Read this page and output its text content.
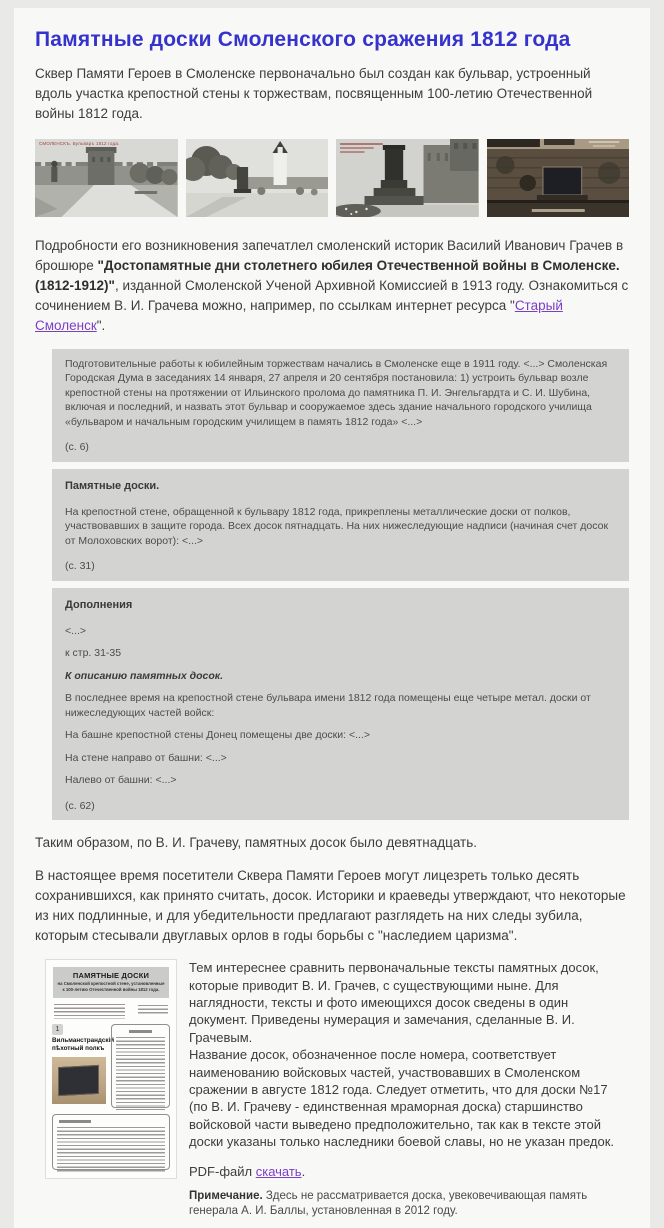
Памятные доски Смоленского сражения 1812 года

Сквер Памяти Героев в Смоленске первоначально был создан как бульвар, устроенный вдоль участка крепостной стены к торжествам, посвященным 100-летию Отечественной войны 1812 года.

СМОЛЕНСКЪ. Бульваръ 1812 года.

Подробности его возникновения запечатлел смоленский историк Василий Иванович Грачев в брошюре "Достопамятные дни столетнего юбилея Отечественной войны в Смоленске. (1812-1912)", изданной Смоленской Ученой Архивной Комиссией в 1913 году. Ознакомиться с сочинением В. И. Грачева можно, например, по ссылкам интернет ресурса "Старый Смоленск".

Подготовительные работы к юбилейным торжествам начались в Смоленске еще в 1911 году. <...> Смоленская Городская Дума в заседаниях 14 января, 27 апреля и 20 сентября постановила: 1) устроить бульвар возле крепостной стены на протяжении от Ильинского пролома до памятника П. И. Энгельгардта и С. И. Шубина, включая и последний, и назвать этот бульвар и сооружаемое здесь здание начального городского училища «бульваром и начальным городским училищем в память 1812 года» <...>

(с. 6)

Памятные доски.

На крепостной стене, обращенной к бульвару 1812 года, прикреплены металлические доски от полков, участвовавших в защите города. Всех досок пятнадцать. На них нижеследующие надписи (начиная счет досок от Молоховских ворот): <...>

(с. 31)

Дополнения

<...>

к стр. 31-35

К описанию памятных досок.

В последнее время на крепостной стене бульвара имени 1812 года помещены еще четыре метал. доски от нижеследующих частей войск:

На башне крепостной стены Донец помещены две доски: <...>

На стене направо от башни: <...>

Налево от башни: <...>

(с. 62)

Таким образом, по В. И. Грачеву, памятных досок было девятнадцать.

В настоящее время посетители Сквера Памяти Героев могут лицезреть только десять сохранившихся, как принято считать, досок. Историки и краеведы утверждают, что некоторые из них подлинные, и для убедительности предлагают разглядеть на них следы зубила, которым стесывали двуглавых орлов в годы борьбы с "наследием царизма".

ПАМЯТНЫЕ ДОСКИ
на Смоленской крепостной стене, установленные к 100-летию Отечественной войны 1812 года.
1
Вильманстрандскій пѣхотный полкъ

Тем интереснее сравнить первоначальные тексты памятных досок, которые приводит В. И. Грачев, с существующими ныне. Для наглядности, тексты и фото имеющихся досок сведены в один документ. Приведены нумерация и замечания, сделанные В. И. Грачевым.

Название досок, обозначенное после номера, соответствует наименованию войсковых частей, участвовавших в Смоленском сражении в августе 1812 года. Следует отметить, что для доски №17 (по В. И. Грачеву - единственная мраморная доска) старшинство войсковой части выведено предположительно, так как в тексте этой доски указаны только наследники боевой славы, но не указан предок.

PDF-файл скачать.

Примечание. Здесь не рассматривается доска, увековечивающая память генерала А. И. Баллы, установленная в 2012 году.
